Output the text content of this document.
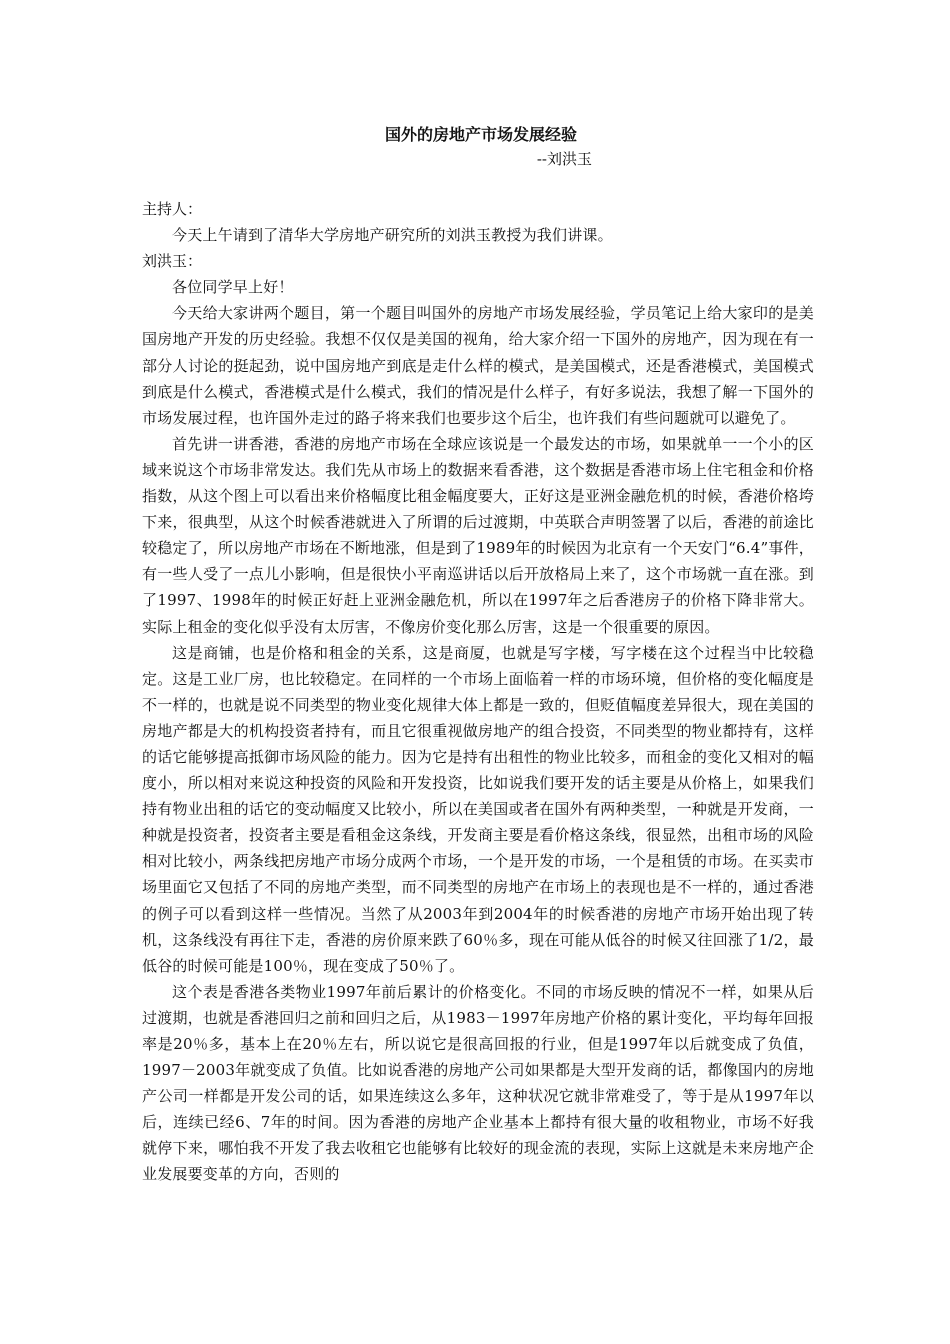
国外的房地产市场发展经验

--刘洪玉

主持人：

今天上午请到了清华大学房地产研究所的刘洪玉教授为我们讲课。

刘洪玉：

各位同学早上好！

今天给大家讲两个题目，第一个题目叫国外的房地产市场发展经验，学员笔记上给大家印的是美国房地产开发的历史经验。我想不仅仅是美国的视角，给大家介绍一下国外的房地产，因为现在有一部分人讨论的挺起劲，说中国房地产到底是走什么样的模式，是美国模式，还是香港模式，美国模式到底是什么模式，香港模式是什么模式，我们的情况是什么样子，有好多说法，我想了解一下国外的市场发展过程，也许国外走过的路子将来我们也要步这个后尘，也许我们有些问题就可以避免了。

首先讲一讲香港，香港的房地产市场在全球应该说是一个最发达的市场，如果就单一一个小的区域来说这个市场非常发达。我们先从市场上的数据来看香港，这个数据是香港市场上住宅租金和价格指数，从这个图上可以看出来价格幅度比租金幅度要大，正好这是亚洲金融危机的时候，香港价格垮下来，很典型，从这个时候香港就进入了所谓的后过渡期，中英联合声明签署了以后，香港的前途比较稳定了，所以房地产市场在不断地涨，但是到了1989年的时候因为北京有一个天安门“6.4”事件，有一些人受了一点儿小影响，但是很快小平南巡讲话以后开放格局上来了，这个市场就一直在涨。到了1997、1998年的时候正好赶上亚洲金融危机，所以在1997年之后香港房子的价格下降非常大。实际上租金的变化似乎没有太厉害，不像房价变化那么厉害，这是一个很重要的原因。

这是商铺，也是价格和租金的关系，这是商厦，也就是写字楼，写字楼在这个过程当中比较稳定。这是工业厂房，也比较稳定。在同样的一个市场上面临着一样的市场环境，但价格的变化幅度是不一样的，也就是说不同类型的物业变化规律大体上都是一致的，但贬值幅度差异很大，现在美国的房地产都是大的机构投资者持有，而且它很重视做房地产的组合投资，不同类型的物业都持有，这样的话它能够提高抵御市场风险的能力。因为它是持有出租性的物业比较多，而租金的变化又相对的幅度小，所以相对来说这种投资的风险和开发投资，比如说我们要开发的话主要是从价格上，如果我们持有物业出租的话它的变动幅度又比较小，所以在美国或者在国外有两种类型，一种就是开发商，一种就是投资者，投资者主要是看租金这条线，开发商主要是看价格这条线，很显然，出租市场的风险相对比较小，两条线把房地产市场分成两个市场，一个是开发的市场，一个是租赁的市场。在买卖市场里面它又包括了不同的房地产类型，而不同类型的房地产在市场上的表现也是不一样的，通过香港的例子可以看到这样一些情况。当然了从2003年到2004年的时候香港的房地产市场开始出现了转机，这条线没有再往下走，香港的房价原来跌了60％多，现在可能从低谷的时候又往回涨了1/2，最低谷的时候可能是100％，现在变成了50％了。

这个表是香港各类物业1997年前后累计的价格变化。不同的市场反映的情况不一样，如果从后过渡期，也就是香港回归之前和回归之后，从1983－1997年房地产价格的累计变化，平均每年回报率是20％多，基本上在20％左右，所以说它是很高回报的行业，但是1997年以后就变成了负值，1997－2003年就变成了负值。比如说香港的房地产公司如果都是大型开发商的话，都像国内的房地产公司一样都是开发公司的话，如果连续这么多年，这种状况它就非常难受了，等于是从1997年以后，连续已经6、7年的时间。因为香港的房地产企业基本上都持有很大量的收租物业，市场不好我就停下来，哪怕我不开发了我去收租它也能够有比较好的现金流的表现，实际上这就是未来房地产企业发展要变革的方向，否则的
